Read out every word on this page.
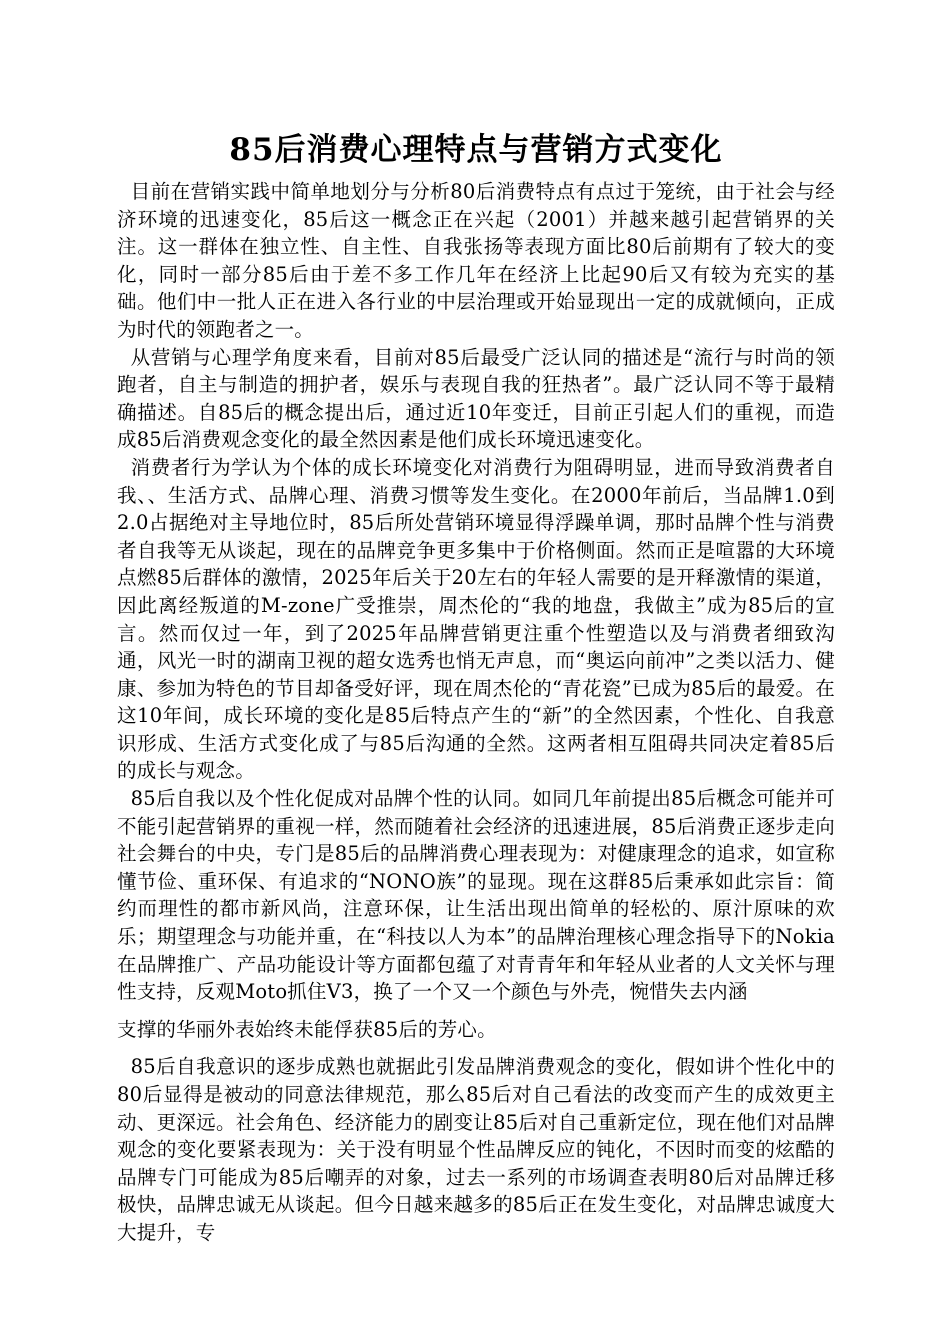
85后消费心理特点与营销方式变化

目前在营销实践中简单地划分与分析80后消费特点有点过于笼统，由于社会与经济环境的迅速变化，85后这一概念正在兴起（2001）并越来越引起营销界的关注。这一群体在独立性、自主性、自我张扬等表现方面比80后前期有了较大的变化，同时一部分85后由于差不多工作几年在经济上比起90后又有较为充实的基础。他们中一批人正在进入各行业的中层治理或开始显现出一定的成就倾向，正成为时代的领跑者之一。

从营销与心理学角度来看，目前对85后最受广泛认同的描述是“流行与时尚的领跑者，自主与制造的拥护者，娱乐与表现自我的狂热者”。最广泛认同不等于最精确描述。自85后的概念提出后，通过近10年变迁，目前正引起人们的重视，而造成85后消费观念变化的最全然因素是他们成长环境迅速变化。

消费者行为学认为个体的成长环境变化对消费行为阻碍明显，进而导致消费者自我、、生活方式、品牌心理、消费习惯等发生变化。在2000年前后，当品牌1.0到2.0占据绝对主导地位时，85后所处营销环境显得浮躁单调，那时品牌个性与消费者自我等无从谈起，现在的品牌竞争更多集中于价格侧面。然而正是喧嚣的大环境点燃85后群体的激情，2025年后关于20左右的年轻人需要的是开释激情的渠道，因此离经叛道的M-zone广受推崇，周杰伦的“我的地盘，我做主”成为85后的宣言。然而仅过一年，到了2025年品牌营销更注重个性塑造以及与消费者细致沟通，风光一时的湖南卫视的超女选秀也悄无声息，而“奥运向前冲”之类以活力、健康、参加为特色的节目却备受好评，现在周杰伦的“青花瓷”已成为85后的最爱。在这10年间，成长环境的变化是85后特点产生的“新”的全然因素，个性化、自我意识形成、生活方式变化成了与85后沟通的全然。这两者相互阻碍共同决定着85后的成长与观念。

85后自我以及个性化促成对品牌个性的认同。如同几年前提出85后概念可能并可不能引起营销界的重视一样，然而随着社会经济的迅速进展，85后消费正逐步走向社会舞台的中央，专门是85后的品牌消费心理表现为：对健康理念的追求，如宣称懂节俭、重环保、有追求的“NONO族”的显现。现在这群85后秉承如此宗旨：简约而理性的都市新风尚，注意环保，让生活出现出简单的轻松的、原汁原味的欢乐；期望理念与功能并重，在“科技以人为本”的品牌治理核心理念指导下的Nokia在品牌推广、产品功能设计等方面都包蕴了对青青年和年轻从业者的人文关怀与理性支持，反观Moto抓住V3，换了一个又一个颜色与外壳，惋惜失去内涵
支撑的华丽外表始终未能俘获85后的芳心。

85后自我意识的逐步成熟也就据此引发品牌消费观念的变化，假如讲个性化中的80后显得是被动的同意法律规范，那么85后对自己看法的改变而产生的成效更主动、更深远。社会角色、经济能力的剧变让85后对自己重新定位，现在他们对品牌观念的变化要紧表现为：关于没有明显个性品牌反应的钝化，不因时而变的炫酷的品牌专门可能成为85后嘲弄的对象，过去一系列的市场调查表明80后对品牌迁移极快，品牌忠诚无从谈起。但今日越来越多的85后正在发生变化，对品牌忠诚度大大提升，专
